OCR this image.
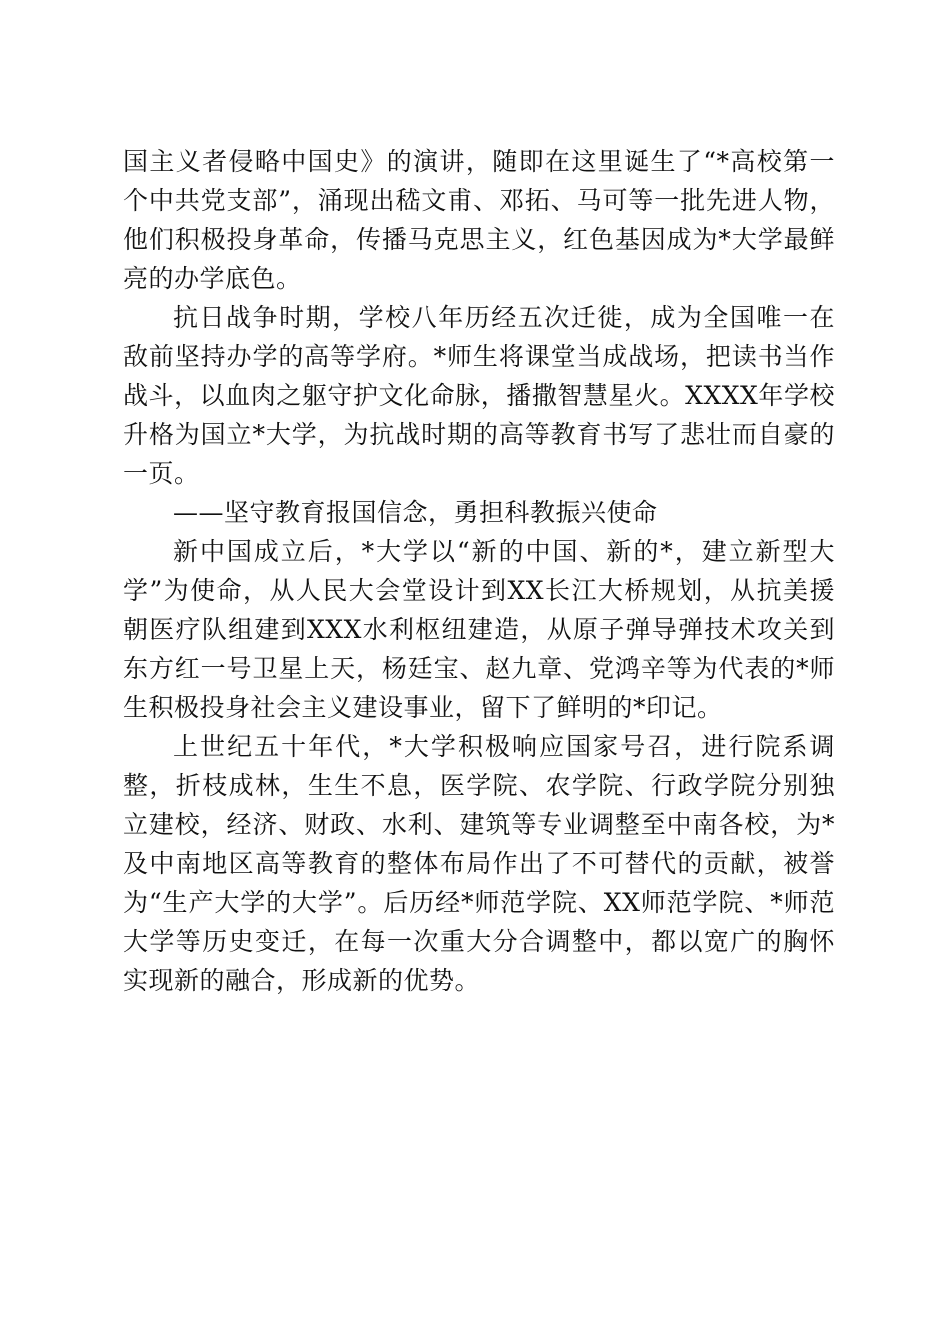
国主义者侵略中国史》的演讲，随即在这里诞生了“*高校第一个中共党支部”，涌现出嵇文甫、邓拓、马可等一批先进人物，他们积极投身革命，传播马克思主义，红色基因成为*大学最鲜亮的办学底色。

抗日战争时期，学校八年历经五次迁徙，成为全国唯一在敌前坚持办学的高等学府。*师生将课堂当成战场，把读书当作战斗，以血肉之躯守护文化命脉，播撒智慧星火。XXXX年学校升格为国立*大学，为抗战时期的高等教育书写了悲壮而自豪的一页。

——坚守教育报国信念，勇担科教振兴使命

新中国成立后，*大学以“新的中国、新的*，建立新型大学”为使命，从人民大会堂设计到XX长江大桥规划，从抗美援朝医疗队组建到XXX水利枢纽建造，从原子弹导弹技术攻关到东方红一号卫星上天，杨廷宝、赵九章、党鸿辛等为代表的*师生积极投身社会主义建设事业，留下了鲜明的*印记。

上世纪五十年代，*大学积极响应国家号召，进行院系调整，折枝成林，生生不息，医学院、农学院、行政学院分别独立建校，经济、财政、水利、建筑等专业调整至中南各校，为*及中南地区高等教育的整体布局作出了不可替代的贡献，被誉为“生产大学的大学”。后历经*师范学院、XX师范学院、*师范大学等历史变迁，在每一次重大分合调整中，都以宽广的胸怀实现新的融合，形成新的优势。
